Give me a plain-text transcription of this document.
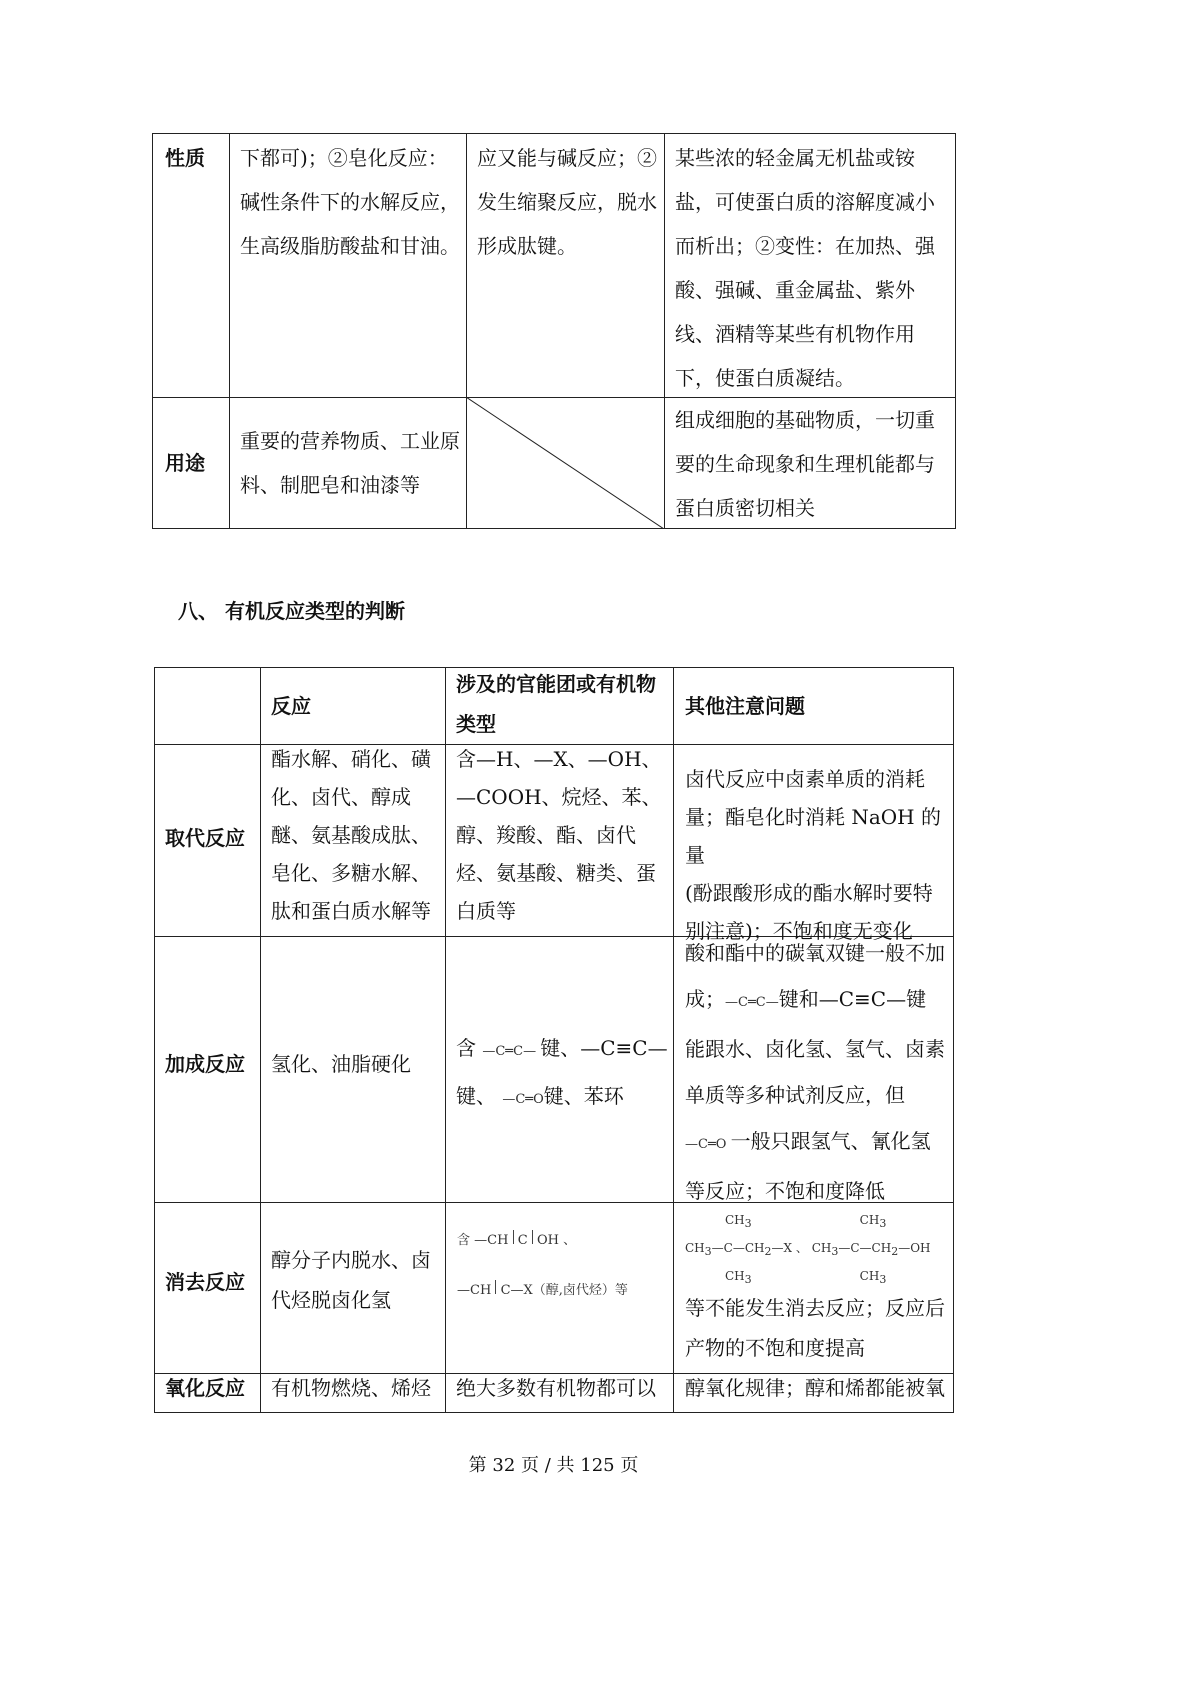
性质 下都可)；②皂化反应：
碱性条件下的水解反应，
生高级脂肪酸盐和甘油。
应又能与碱反应；②
发生缩聚反应，脱水
形成肽键。
某些浓的轻金属无机盐或铵
盐，可使蛋白质的溶解度减小
而析出；②变性：在加热、强
酸、强碱、重金属盐、紫外
线、酒精等某些有机物作用
下，使蛋白质凝结。
用途
重要的营养物质、工业原
料、制肥皂和油漆等
组成细胞的基础物质，一切重
要的生命现象和生理机能都与
蛋白质密切相关
八、 有机反应类型的判断
反应
涉及的官能团或有机物
类型
其他注意问题
取代反应
酯水解、硝化、磺
化、卤代、醇成
醚、氨基酸成肽、
皂化、多糖水解、
肽和蛋白质水解等
含—H、—X、—OH、
—COOH、烷烃、苯、
醇、羧酸、酯、卤代
烃、氨基酸、糖类、蛋
白质等
卤代反应中卤素单质的消耗
量；酯皂化时消耗 NaOH 的量
(酚跟酸形成的酯水解时要特
别注意)；不饱和度无变化
加成反应 氢化、油脂硬化
含 —C═C— 键、—C≡C—
键、 —C═O键、苯环
酸和酯中的碳氧双键一般不加
成；—C═C—键和—C≡C—键
能跟水、卤化氢、氢气、卤素
单质等多种试剂反应，但
—C═O 一般只跟氢气、氰化氢
等反应；不饱和度降低
消去反应
醇分子内脱水、卤
代烃脱卤化氢
含 —CH C OH 、
—CH C—X（醇,卤代烃）等
CH3	CH3
CH3—C—CH2—X 、 CH3—C—CH2—OH
CH3	CH3
等不能发生消去反应；反应后
产物的不饱和度提高
氧化反应 有机物燃烧、烯烃 绝大多数有机物都可以 醇氧化规律；醇和烯都能被氧
第 32 页 / 共 125 页
